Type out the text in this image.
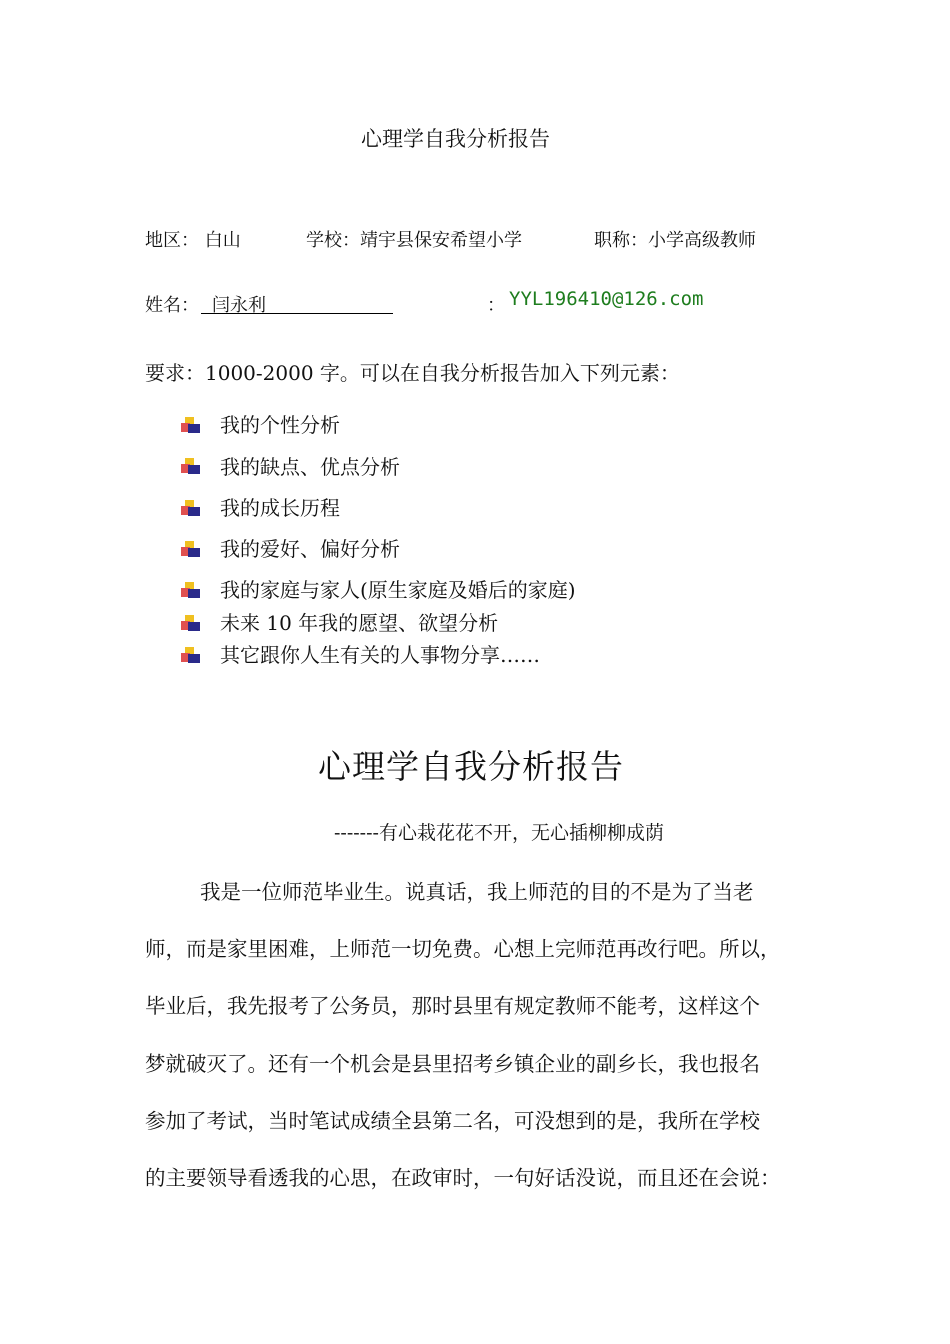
心理学自我分析报告
地区： 白山	学校：靖宇县保安希望小学	职称：小学高级教师
姓名： 闫永利	： YYL196410@126.com
要求：1000-2000 字。可以在自我分析报告加入下列元素：
我的个性分析
我的缺点、优点分析
我的成长历程
我的爱好、偏好分析
我的家庭与家人(原生家庭及婚后的家庭)
未来 10 年我的愿望、欲望分析
其它跟你人生有关的人事物分享……
心理学自我分析报告
-------有心栽花花不开，无心插柳柳成荫
我是一位师范毕业生。说真话，我上师范的目的不是为了当老
师，而是家里困难，上师范一切免费。心想上完师范再改行吧。所以，
毕业后，我先报考了公务员，那时县里有规定教师不能考，这样这个
梦就破灭了。还有一个机会是县里招考乡镇企业的副乡长，我也报名
参加了考试，当时笔试成绩全县第二名，可没想到的是，我所在学校
的主要领导看透我的心思，在政审时，一句好话没说，而且还在会说：
